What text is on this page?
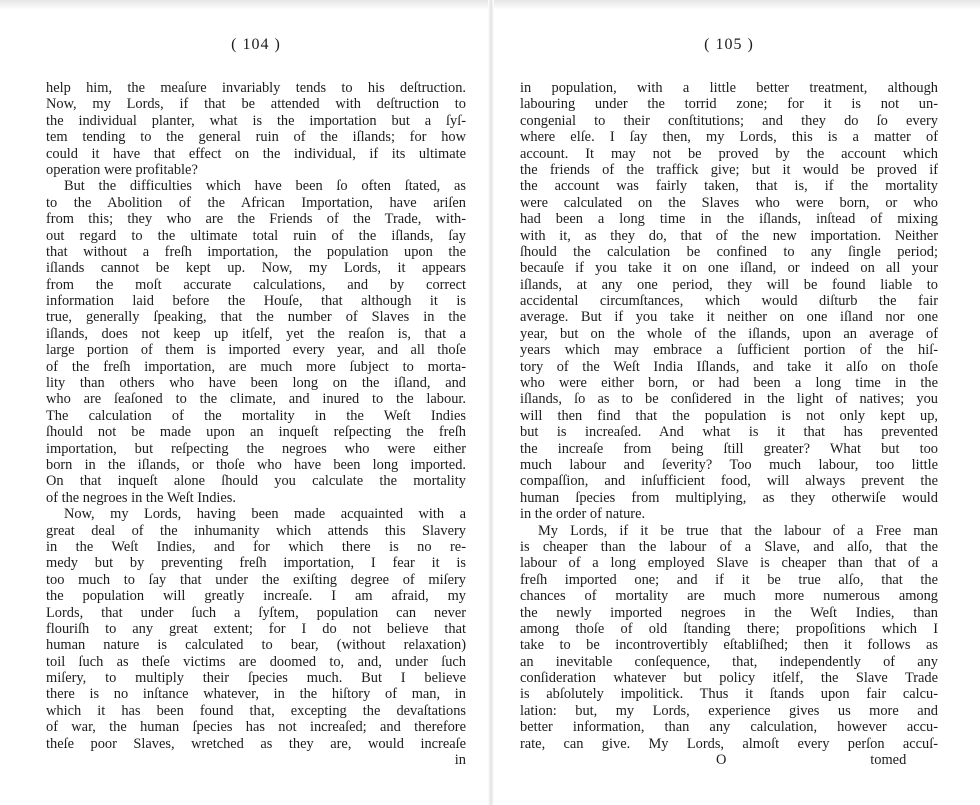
( 104 )
help him, the meaſure invariably tends to his deſtruction.
Now, my Lords, if that be attended with deſtruction to
the individual planter, what is the importation but a ſyſ-
tem tending to the general ruin of the iſlands; for how
could it have that effect on the individual, if its ultimate
operation were profitable?
But the difficulties which have been ſo often ſtated, as
to the Abolition of the African Importation, have ariſen
from this; they who are the Friends of the Trade, with-
out regard to the ultimate total ruin of the iſlands, ſay
that without a freſh importation, the population upon the
iſlands cannot be kept up. Now, my Lords, it appears
from the moſt accurate calculations, and by correct
information laid before the Houſe, that although it is
true, generally ſpeaking, that the number of Slaves in the
iſlands, does not keep up itſelf, yet the reaſon is, that a
large portion of them is imported every year, and all thoſe
of the freſh importation, are much more ſubject to morta-
lity than others who have been long on the iſland, and
who are ſeaſoned to the climate, and inured to the labour.
The calculation of the mortality in the Weſt Indies
ſhould not be made upon an inqueſt reſpecting the freſh
importation, but reſpecting the negroes who were either
born in the iſlands, or thoſe who have been long imported.
On that inqueſt alone ſhould you calculate the mortality
of the negroes in the Weſt Indies.
Now, my Lords, having been made acquainted with a
great deal of the inhumanity which attends this Slavery
in the Weſt Indies, and for which there is no re-
medy but by preventing freſh importation, I fear it is
too much to ſay that under the exiſting degree of miſery
the population will greatly increaſe. I am afraid, my
Lords, that under ſuch a ſyſtem, population can never
flouriſh to any great extent; for I do not believe that
human nature is calculated to bear, (without relaxation)
toil ſuch as theſe victims are doomed to, and, under ſuch
miſery, to multiply their ſpecies much. But I believe
there is no inſtance whatever, in the hiſtory of man, in
which it has been found that, excepting the devaſtations
of war, the human ſpecies has not increaſed; and therefore
theſe poor Slaves, wretched as they are, would increaſe
in
( 105 )
in population, with a little better treatment, although
labouring under the torrid zone; for it is not un-
congenial to their conſtitutions; and they do ſo every
where elſe. I ſay then, my Lords, this is a matter of
account. It may not be proved by the account which
the friends of the traffick give; but it would be proved if
the account was fairly taken, that is, if the mortality
were calculated on the Slaves who were born, or who
had been a long time in the iſlands, inſtead of mixing
with it, as they do, that of the new importation. Neither
ſhould the calculation be confined to any ſingle period;
becauſe if you take it on one iſland, or indeed on all your
iſlands, at any one period, they will be found liable to
accidental circumſtances, which would diſturb the fair
average. But if you take it neither on one iſland nor one
year, but on the whole of the iſlands, upon an average of
years which may embrace a ſufficient portion of the hiſ-
tory of the Weſt India Iſlands, and take it alſo on thoſe
who were either born, or had been a long time in the
iſlands, ſo as to be conſidered in the light of natives; you
will then find that the population is not only kept up,
but is increaſed. And what is it that has prevented
the increaſe from being ſtill greater? What but too
much labour and ſeverity? Too much labour, too little
compaſſion, and inſufficient food, will always prevent the
human ſpecies from multiplying, as they otherwiſe would
in the order of nature.
My Lords, if it be true that the labour of a Free man
is cheaper than the labour of a Slave, and alſo, that the
labour of a long employed Slave is cheaper than that of a
freſh imported one; and if it be true alſo, that the
chances of mortality are much more numerous among
the newly imported negroes in the Weſt Indies, than
among thoſe of old ſtanding there; propoſitions which I
take to be incontrovertibly eſtabliſhed; then it follows as
an inevitable conſequence, that, independently of any
conſideration whatever but policy itſelf, the Slave Trade
is abſolutely impolitick. Thus it ſtands upon fair calcu-
lation: but, my Lords, experience gives us more and
better information, than any calculation, however accu-
rate, can give. My Lords, almoſt every perſon accuſ-
O                                        tomed
